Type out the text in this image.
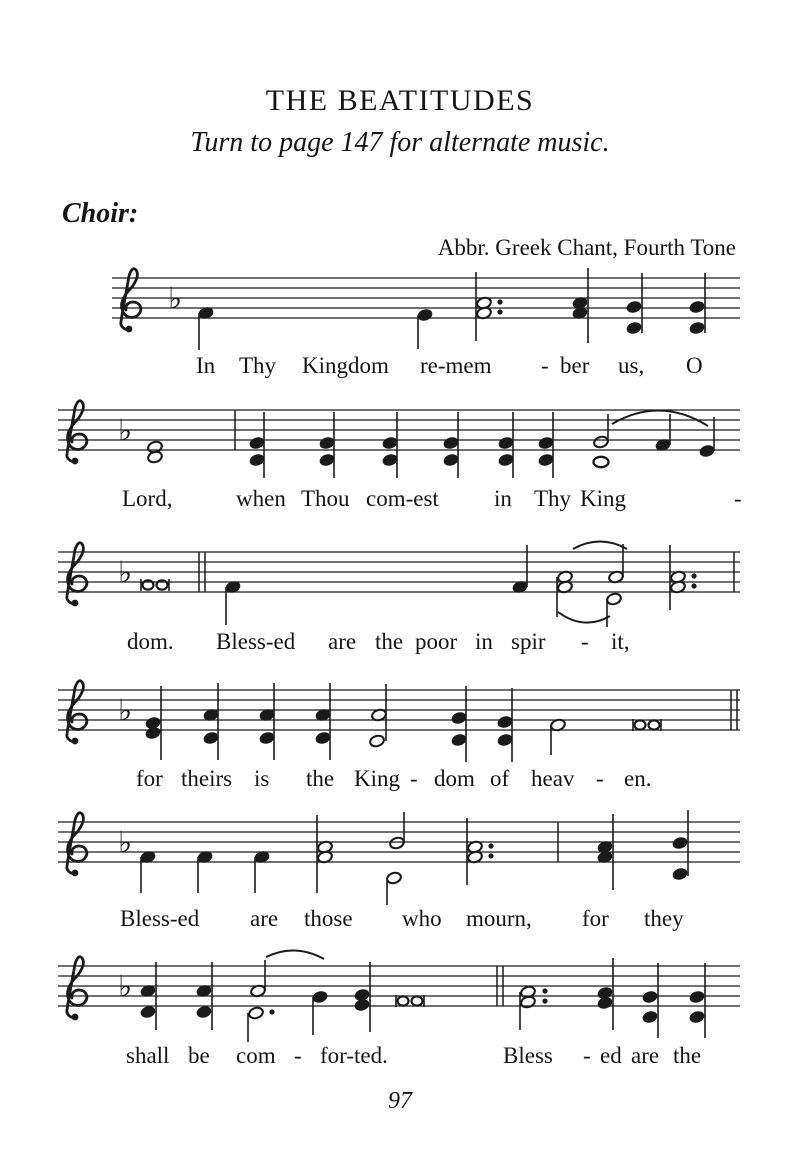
THE BEATITUDES
Turn to page 147 for alternate music.
Choir:
Abbr. Greek Chant, Fourth Tone
♭
♭
♭
♭
♭
♭
In Thy Kingdom re-mem - ber us, O
Lord,	when Thou com-est in Thy King	-
dom. Bless-ed are the poor in spir - it,
for theirs is the King - dom of heav - en.
Bless-ed are those who mourn, for they
shall be com - for-ted.	Bless - ed are the
97
